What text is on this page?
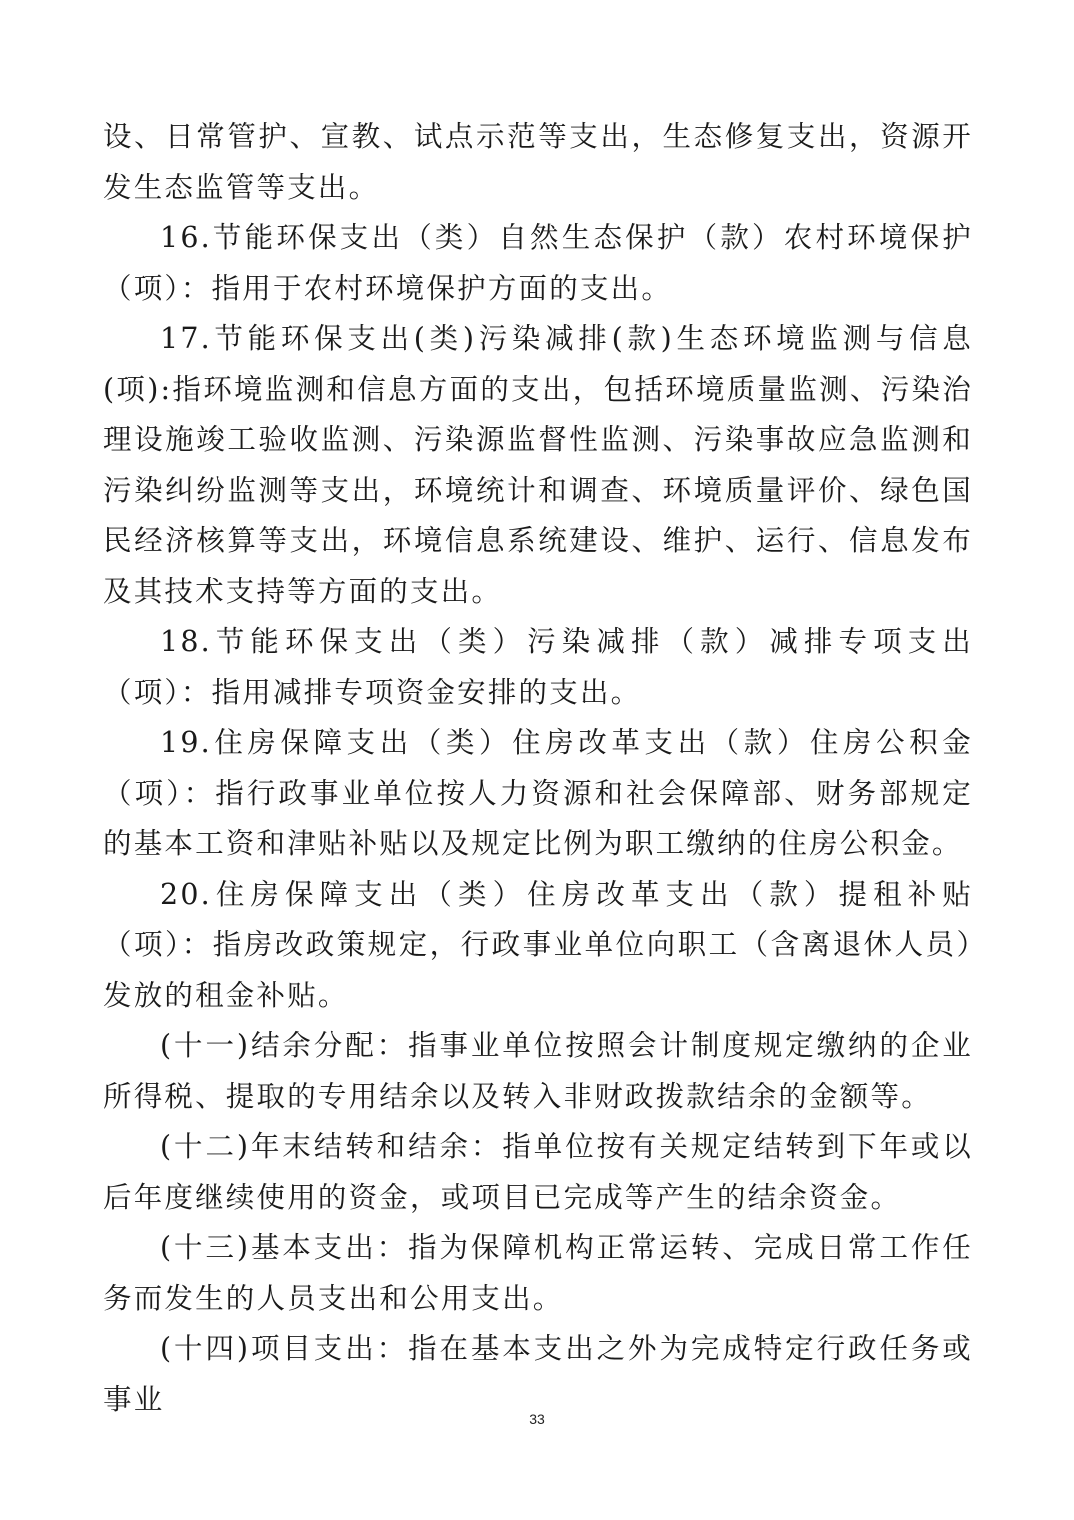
设、日常管护、宣教、试点示范等支出，生态修复支出，资源开发生态监管等支出。

16.节能环保支出（类）自然生态保护（款）农村环境保护（项）：指用于农村环境保护方面的支出。

17.节能环保支出(类)污染减排(款)生态环境监测与信息(项):指环境监测和信息方面的支出，包括环境质量监测、污染治理设施竣工验收监测、污染源监督性监测、污染事故应急监测和污染纠纷监测等支出，环境统计和调查、环境质量评价、绿色国民经济核算等支出，环境信息系统建设、维护、运行、信息发布及其技术支持等方面的支出。

18.节能环保支出（类）污染减排（款）减排专项支出（项）：指用减排专项资金安排的支出。

19.住房保障支出（类）住房改革支出（款）住房公积金（项）：指行政事业单位按人力资源和社会保障部、财务部规定的基本工资和津贴补贴以及规定比例为职工缴纳的住房公积金。

20.住房保障支出（类）住房改革支出（款）提租补贴（项）：指房改政策规定，行政事业单位向职工（含离退休人员）发放的租金补贴。

(十一)结余分配：指事业单位按照会计制度规定缴纳的企业所得税、提取的专用结余以及转入非财政拨款结余的金额等。

(十二)年末结转和结余：指单位按有关规定结转到下年或以后年度继续使用的资金，或项目已完成等产生的结余资金。

(十三)基本支出：指为保障机构正常运转、完成日常工作任务而发生的人员支出和公用支出。

(十四)项目支出：指在基本支出之外为完成特定行政任务或事业

33
